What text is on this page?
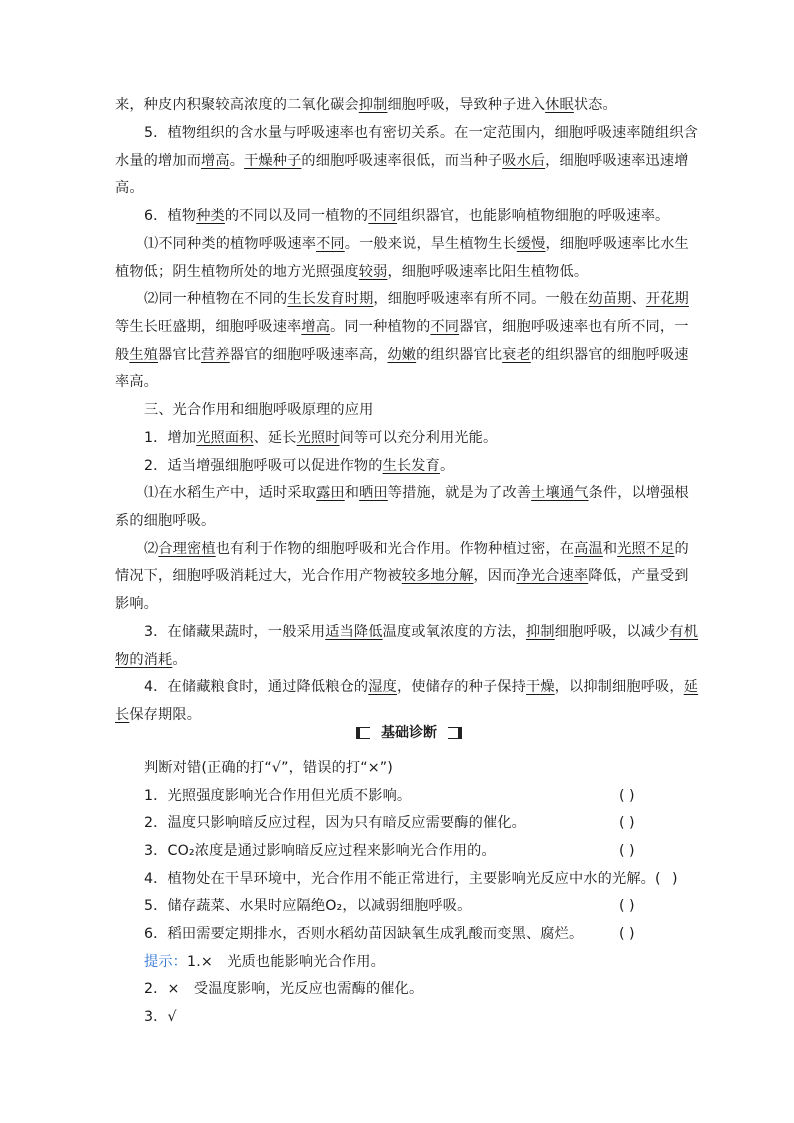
来，种皮内积聚较高浓度的二氧化碳会抑制细胞呼吸，导致种子进入休眠状态。
5．植物组织的含水量与呼吸速率也有密切关系。在一定范围内，细胞呼吸速率随组织含
水量的增加而增高。干燥种子的细胞呼吸速率很低，而当种子吸水后，细胞呼吸速率迅速增
高。
6．植物种类的不同以及同一植物的不同组织器官，也能影响植物细胞的呼吸速率。
⑴不同种类的植物呼吸速率不同。一般来说，旱生植物生长缓慢，细胞呼吸速率比水生
植物低；阴生植物所处的地方光照强度较弱，细胞呼吸速率比阳生植物低。
⑵同一种植物在不同的生长发育时期，细胞呼吸速率有所不同。一般在幼苗期、开花期
等生长旺盛期，细胞呼吸速率增高。同一种植物的不同器官，细胞呼吸速率也有所不同，一
般生殖器官比营养器官的细胞呼吸速率高，幼嫩的组织器官比衰老的组织器官的细胞呼吸速
率高。
三、光合作用和细胞呼吸原理的应用
1．增加光照面积、延长光照时间等可以充分利用光能。
2．适当增强细胞呼吸可以促进作物的生长发育。
⑴在水稻生产中，适时采取露田和晒田等措施，就是为了改善土壤通气条件，以增强根
系的细胞呼吸。
⑵合理密植也有利于作物的细胞呼吸和光合作用。作物种植过密，在高温和光照不足的
情况下，细胞呼吸消耗过大，光合作用产物被较多地分解，因而净光合速率降低，产量受到
影响。
3．在储藏果蔬时，一般采用适当降低温度或氧浓度的方法，抑制细胞呼吸，以减少有机
物的消耗。
4．在储藏粮食时，通过降低粮仓的湿度，使储存的种子保持干燥，以抑制细胞呼吸，延
长保存期限。
基础诊断
判断对错(正确的打“√”，错误的打“×”)
1．光照强度影响光合作用但光质不影响。	( )
2．温度只影响暗反应过程，因为只有暗反应需要酶的催化。	( )
3．CO₂浓度是通过影响暗反应过程来影响光合作用的。	( )
4．植物处在干旱环境中，光合作用不能正常进行，主要影响光反应中水的光解。( )
5．储存蔬菜、水果时应隔绝O₂，以减弱细胞呼吸。	( )
6．稻田需要定期排水，否则水稻幼苗因缺氧生成乳酸而变黑、腐烂。	( )
提示：1.×　光质也能影响光合作用。
2．×　受温度影响，光反应也需酶的催化。
3．√
